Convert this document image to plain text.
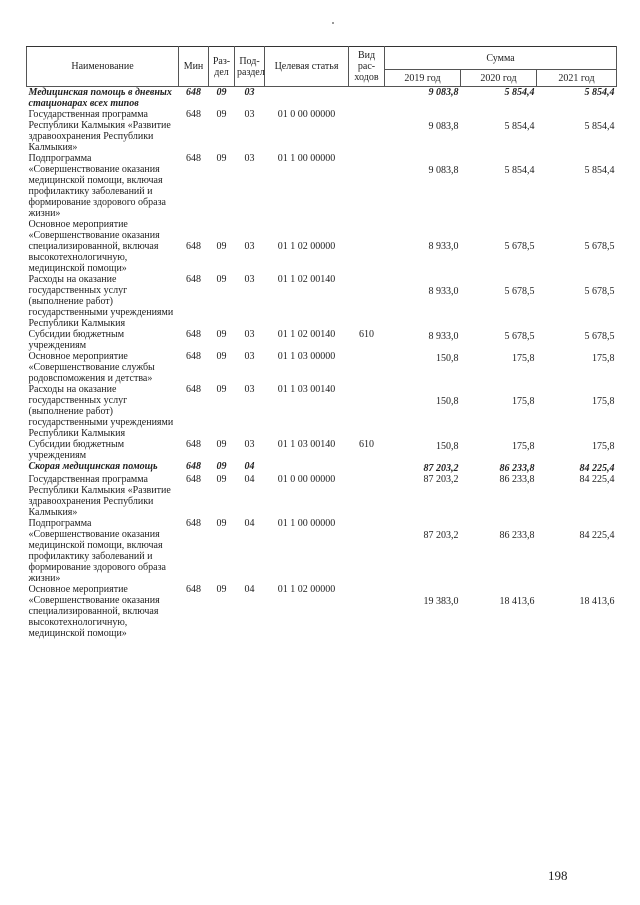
Наименование	Мин	Раз- дел	Под- раздел	Целевая статья	Вид рас- ходов	Сумма		
						2019 год	2020 год	2021 год
Медицинская помощь в дневных стационарах всех типов	648	09	03			9 083,8	5 854,4	5 854,4
Государственная программа Республики Калмыкия «Развитие здравоохранения Республики Калмыкия»	648	09	03	01 0 00 00000		9 083,8	5 854,4	5 854,4
Подпрограмма «Совершенствование оказания медицинской помощи, включая профилактику заболеваний и формирование здорового образа жизни»	648	09	03	01 1 00 00000		9 083,8	5 854,4	5 854,4
Основное мероприятие «Совершенствование оказания специализированной, включая высокотехнологичную, медицинской помощи»	648	09	03	01 1 02 00000		8 933,0	5 678,5	5 678,5
Расходы на оказание государственных услуг (выполнение работ) государственными учреждениями Республики Калмыкия	648	09	03	01 1 02 00140		8 933,0	5 678,5	5 678,5
Субсидии бюджетным учреждениям	648	09	03	01 1 02 00140	610	8 933,0	5 678,5	5 678,5
Основное мероприятие «Совершенствование службы родовспоможения и детства»	648	09	03	01 1 03 00000		150,8	175,8	175,8
Расходы на оказание государственных услуг (выполнение работ) государственными учреждениями Республики Калмыкия	648	09	03	01 1 03 00140		150,8	175,8	175,8
Субсидии бюджетным учреждениям	648	09	03	01 1 03 00140	610	150,8	175,8	175,8
Скорая медицинская помощь	648	09	04			87 203,2	86 233,8	84 225,4
Государственная программа Республики Калмыкия «Развитие здравоохранения Республики Калмыкия»	648	09	04	01 0 00 00000		87 203,2	86 233,8	84 225,4
Подпрограмма «Совершенствование оказания медицинской помощи, включая профилактику заболеваний и формирование здорового образа жизни»	648	09	04	01 1 00 00000		87 203,2	86 233,8	84 225,4
Основное мероприятие «Совершенствование оказания специализированной, включая высокотехнологичную, медицинской помощи»	648	09	04	01 1 02 00000		19 383,0	18 413,6	18 413,6
198
